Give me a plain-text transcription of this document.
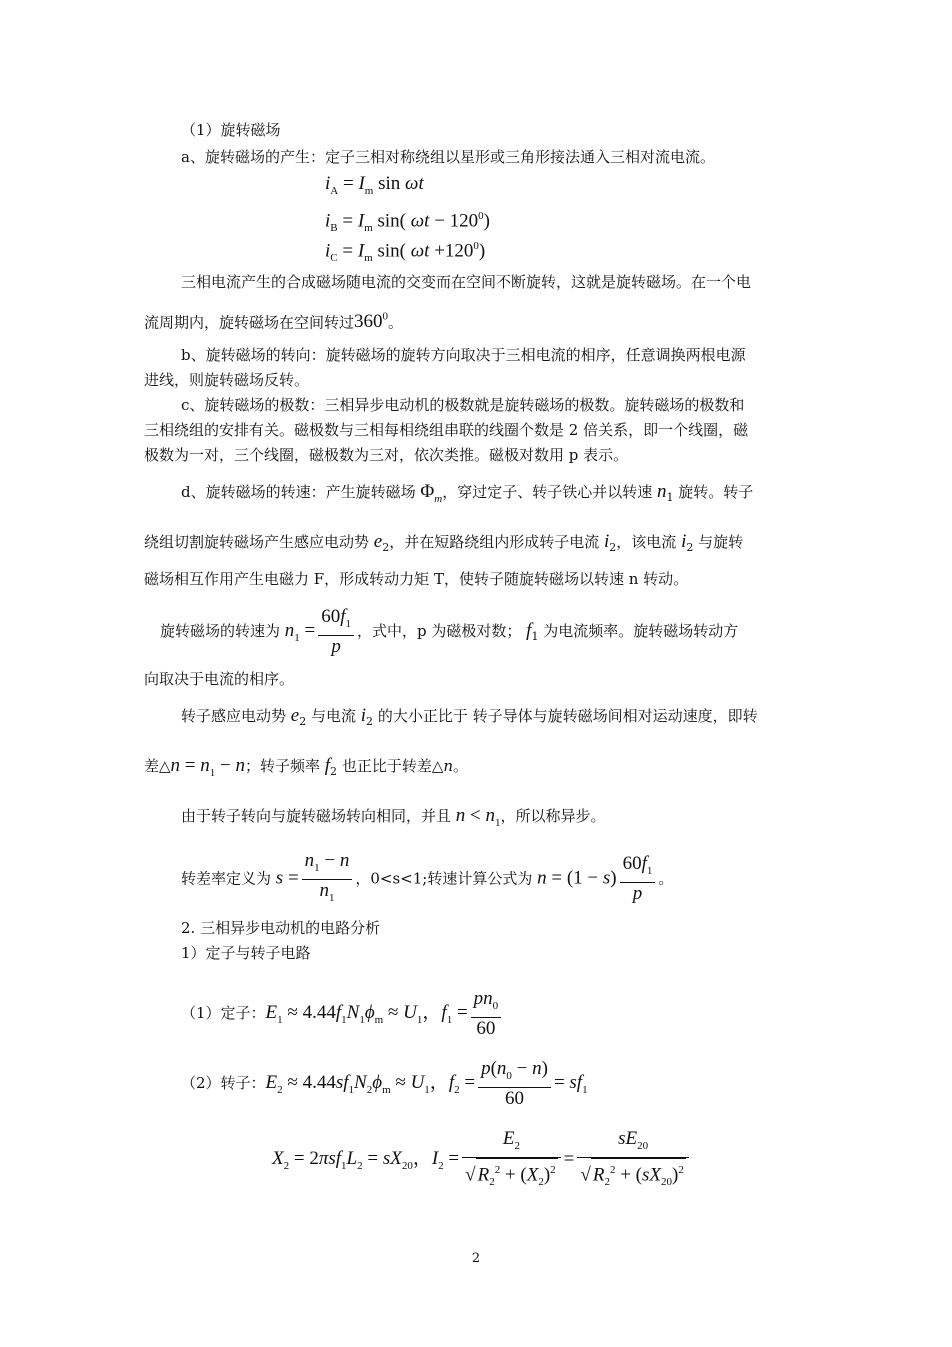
（1）旋转磁场
a、旋转磁场的产生：定子三相对称绕组以星形或三角形接法通入三相对流电流。
$i_A = I_m$ sin ωt
$i_B = I_m$ sin( $\omega t - 120^0$)
$i_C = I_m$ sin( $\omega t +120^0$)
三相电流产生的合成磁场随电流的交变而在空间不断旋转，这就是旋转磁场。在一个电
流周期内，旋转磁场在空间转过$360^0$。
b、旋转磁场的转向：旋转磁场的旋转方向取决于三相电流的相序，任意调换两根电源
进线，则旋转磁场反转。
c、旋转磁场的极数：三相异步电动机的极数就是旋转磁场的极数。旋转磁场的极数和
三相绕组的安排有关。磁极数与三相每相绕组串联的线圈个数是 2 倍关系，即一个线圈，磁
极数为一对，三个线圈，磁极数为三对，依次类推。磁极对数用 p 表示。
d、旋转磁场的转速：产生旋转磁场 $\Phi_m$，穿过定子、转子铁心并以转速 $n_1$ 旋转。转子
绕组切割旋转磁场产生感应电动势 $e_2$，并在短路绕组内形成转子电流 $i_2$，该电流 $i_2$ 与旋转
磁场相互作用产生电磁力 F，形成转动力矩 T，使转子随旋转磁场以转速 n 转动。
旋转磁场的转速为 $n_1 = \frac{60f_1}{p}$ ，式中，p 为磁极对数； $f_1$ 为电流频率。旋转磁场转动方
向取决于电流的相序。
转子感应电动势 $e_2$ 与电流 $i_2$ 的大小正比于 转子导体与旋转磁场间相对运动速度，即转
差△n = $n_1 - n$；转子频率 $f_2$ 也正比于转差△n。
由于转子转向与旋转磁场转向相同，并且 $n < n_1$，所以称异步。
转差率定义为 $s = \frac{n_1 - n}{n_1}$ ，0<s<1;转速计算公式为 $n = (1 - s) \frac{60f_1}{p}$ 。
2. 三相异步电动机的电路分析
1）定子与转子电路
（1）定子：$E_1 \approx 4.44f_1N_1\phi_m \approx U_1$，$f_1 = \frac{pn_0}{60}$
（2）转子：$E_2 \approx 4.44sf_1N_2\phi_m \approx U_1$，$f_2 = \frac{p(n_0 - n)}{60} = sf_1$
$X_2 = 2\pi sf_1L_2 = sX_{20}$，$I_2 = \frac{E_2}{√ R_2^2 + (X_2)^2} = \frac{sE_{20}}{√ R_2^2 + (sX_{20})^2}$
2
